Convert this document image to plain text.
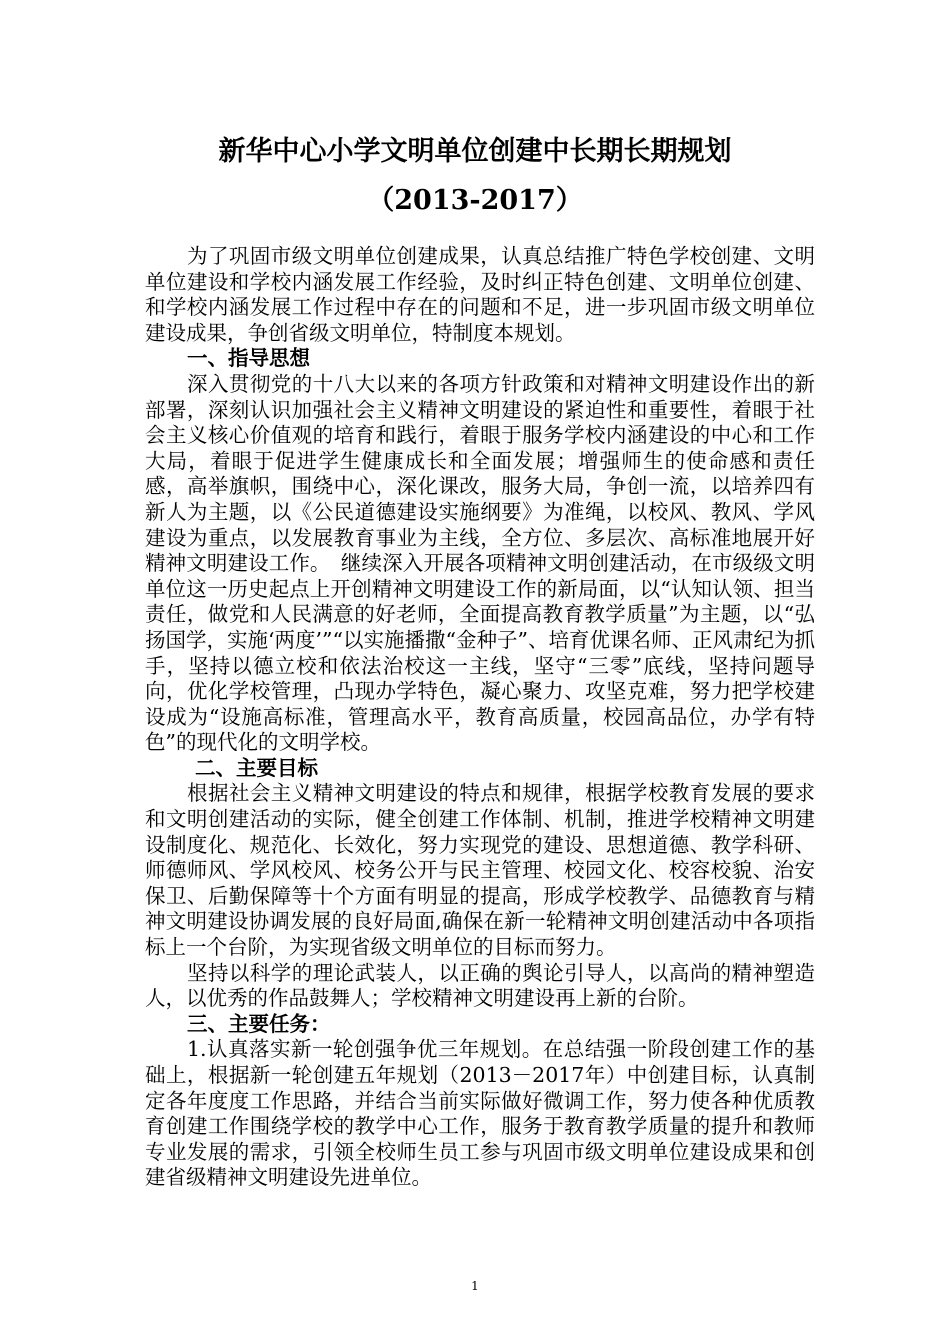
新华中心小学文明单位创建中长期长期规划
（2013-2017）

为了巩固市级文明单位创建成果，认真总结推广特色学校创建、文明单位建设和学校内涵发展工作经验，及时纠正特色创建、文明单位创建、和学校内涵发展工作过程中存在的问题和不足，进一步巩固市级文明单位建设成果，争创省级文明单位，特制度本规划。

一、指导思想

深入贯彻党的十八大以来的各项方针政策和对精神文明建设作出的新部署，深刻认识加强社会主义精神文明建设的紧迫性和重要性，着眼于社会主义核心价值观的培育和践行，着眼于服务学校内涵建设的中心和工作大局，着眼于促进学生健康成长和全面发展；增强师生的使命感和责任感，高举旗帜，围绕中心，深化课改，服务大局，争创一流，以培养四有新人为主题，以《公民道德建设实施纲要》为准绳，以校风、教风、学风建设为重点，以发展教育事业为主线，全方位、多层次、高标准地展开好精神文明建设工作。　继续深入开展各项精神文明创建活动，在市级级文明单位这一历史起点上开创精神文明建设工作的新局面，以“认知认领、担当责任，做党和人民满意的好老师，全面提高教育教学质量”为主题，以“弘扬国学，实施‘两度’”“以实施播撒“金种子”、培育优课名师、正风肃纪为抓手，坚持以德立校和依法治校这一主线，坚守“三零”底线，坚持问题导向，优化学校管理，凸现办学特色，凝心聚力、攻坚克难，努力把学校建设成为“设施高标准，管理高水平，教育高质量，校园高品位，办学有特色”的现代化的文明学校。

二、主要目标

根据社会主义精神文明建设的特点和规律，根据学校教育发展的要求和文明创建活动的实际，健全创建工作体制、机制，推进学校精神文明建设制度化、规范化、长效化，努力实现党的建设、思想道德、教学科研、师德师风、学风校风、校务公开与民主管理、校园文化、校容校貌、治安保卫、后勤保障等十个方面有明显的提高，形成学校教学、品德教育与精神文明建设协调发展的良好局面,确保在新一轮精神文明创建活动中各项指标上一个台阶，为实现省级文明单位的目标而努力。

坚持以科学的理论武装人，以正确的舆论引导人，以高尚的精神塑造人，以优秀的作品鼓舞人；学校精神文明建设再上新的台阶。

三、主要任务：

1.认真落实新一轮创强争优三年规划。在总结强一阶段创建工作的基础上，根据新一轮创建五年规划（2013－2017年）中创建目标，认真制定各年度度工作思路，并结合当前实际做好微调工作，努力使各种优质教育创建工作围绕学校的教学中心工作，服务于教育教学质量的提升和教师专业发展的需求，引领全校师生员工参与巩固市级文明单位建设成果和创建省级精神文明建设先进单位。

1
